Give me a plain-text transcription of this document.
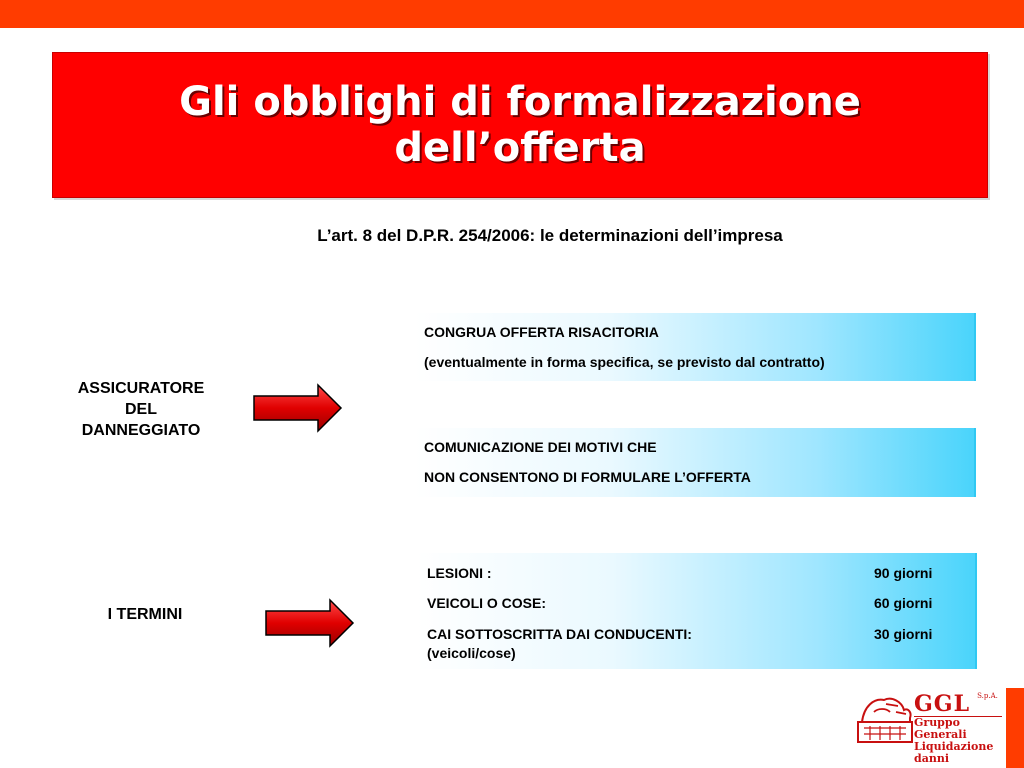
Gli obblighi di formalizzazione
dell’offerta
L’art. 8 del D.P.R. 254/2006: le determinazioni dell’impresa
ASSICURATORE
DEL
DANNEGGIATO
I TERMINI
CONGRUA OFFERTA RISACITORIA
(eventualmente in forma specifica, se previsto dal contratto)
COMUNICAZIONE DEI MOTIVI CHE
NON CONSENTONO DI FORMULARE L’OFFERTA
LESIONI :	90 giorni
VEICOLI O COSE:	60 giorni
CAI SOTTOSCRITTA DAI CONDUCENTI:	30 giorni
(veicoli/cose)
GGL $^{S.p.A.}$

Gruppo Generali
Liquidazione danni
